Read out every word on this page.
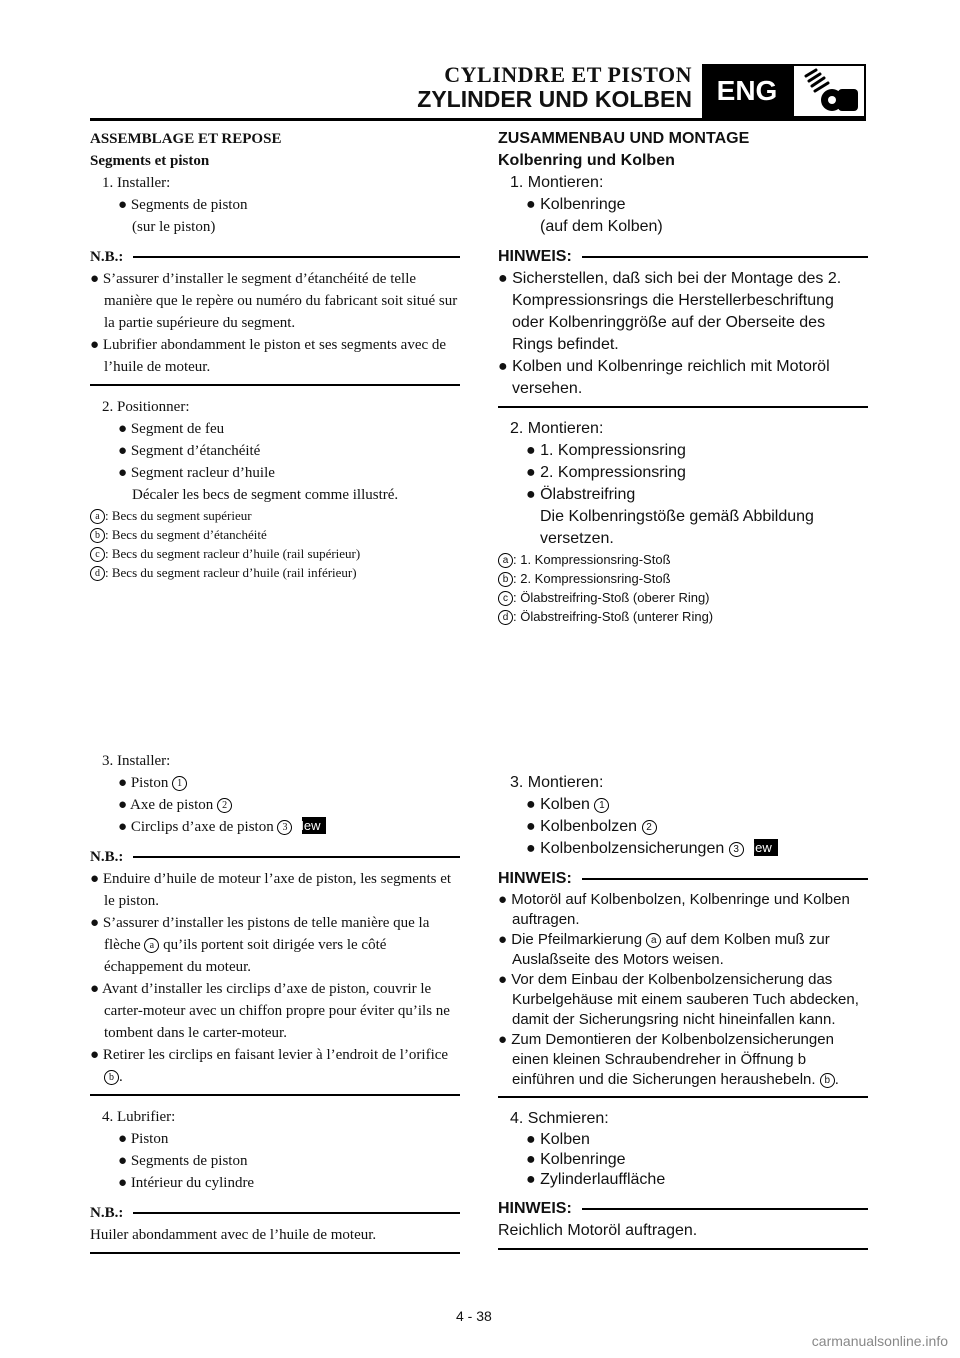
CYLINDRE ET PISTON
ZYLINDER UND KOLBEN ENG
ASSEMBLAGE ET REPOSE
Segments et piston
1. Installer:
● Segments de piston
(sur le piston)
N.B.:
● S’assurer d’installer le segment d’étanchéité de telle manière que le repère ou numéro du fabricant soit situé sur la partie supérieure du segment.
● Lubrifier abondamment le piston et ses segments avec de l’huile de moteur.
2. Positionner:
● Segment de feu
● Segment d’étanchéité
● Segment racleur d’huile
Décaler les becs de segment comme illustré.
a : Becs du segment supérieur
b : Becs du segment d’étanchéité
c : Becs du segment racleur d’huile (rail supérieur)
d : Becs du segment racleur d’huile (rail inférieur)
3. Installer:
● Piston 1
● Axe de piston 2
● Circlips d’axe de piston 3 New
N.B.:
● Enduire d’huile de moteur l’axe de piston, les segments et le piston.
● S’assurer d’installer les pistons de telle manière que la flèche a qu’ils portent soit dirigée vers le côté échappement du moteur.
● Avant d’installer les circlips d’axe de piston, couvrir le carter-moteur avec un chiffon propre pour éviter qu’ils ne tombent dans le carter-moteur.
● Retirer les circlips en faisant levier à l’endroit de l’orifice b .
4. Lubrifier:
● Piston
● Segments de piston
● Intérieur du cylindre
N.B.:
Huiler abondamment avec de l’huile de moteur.
ZUSAMMENBAU UND MONTAGE
Kolbenring und Kolben
1. Montieren:
● Kolbenringe
(auf dem Kolben)
HINWEIS:
● Sicherstellen, daß sich bei der Montage des 2. Kompressionsrings die Herstellerbeschriftung oder Kolbenringgröße auf der Oberseite des Rings befindet.
● Kolben und Kolbenringe reichlich mit Motoröl versehen.
2. Montieren:
● 1. Kompressionsring
● 2. Kompressionsring
● Ölabstreifring
Die Kolbenringstöße gemäß Abbildung versetzen.
a : 1. Kompressionsring-Stoß
b : 2. Kompressionsring-Stoß
c : Ölabstreifring-Stoß (oberer Ring)
d : Ölabstreifring-Stoß (unterer Ring)
3. Montieren:
● Kolben 1
● Kolbenbolzen 2
● Kolbenbolzensicherungen 3 New
HINWEIS:
● Motoröl auf Kolbenbolzen, Kolbenringe und Kolben auftragen.
● Die Pfeilmarkierung a auf dem Kolben muß zur Auslaßseite des Motors weisen.
● Vor dem Einbau der Kolbenbolzensicherung das Kurbelgehäuse mit einem sauberen Tuch abdecken, damit der Sicherungsring nicht hineinfallen kann.
● Zum Demontieren der Kolbenbolzensicherungen einen kleinen Schraubendreher in Öffnung b einführen und die Sicherungen heraushebeln. b .
4. Schmieren:
● Kolben
● Kolbenringe
● Zylinderlauffläche
HINWEIS:
Reichlich Motoröl auftragen.
4 - 38
carmanualsonline.info
